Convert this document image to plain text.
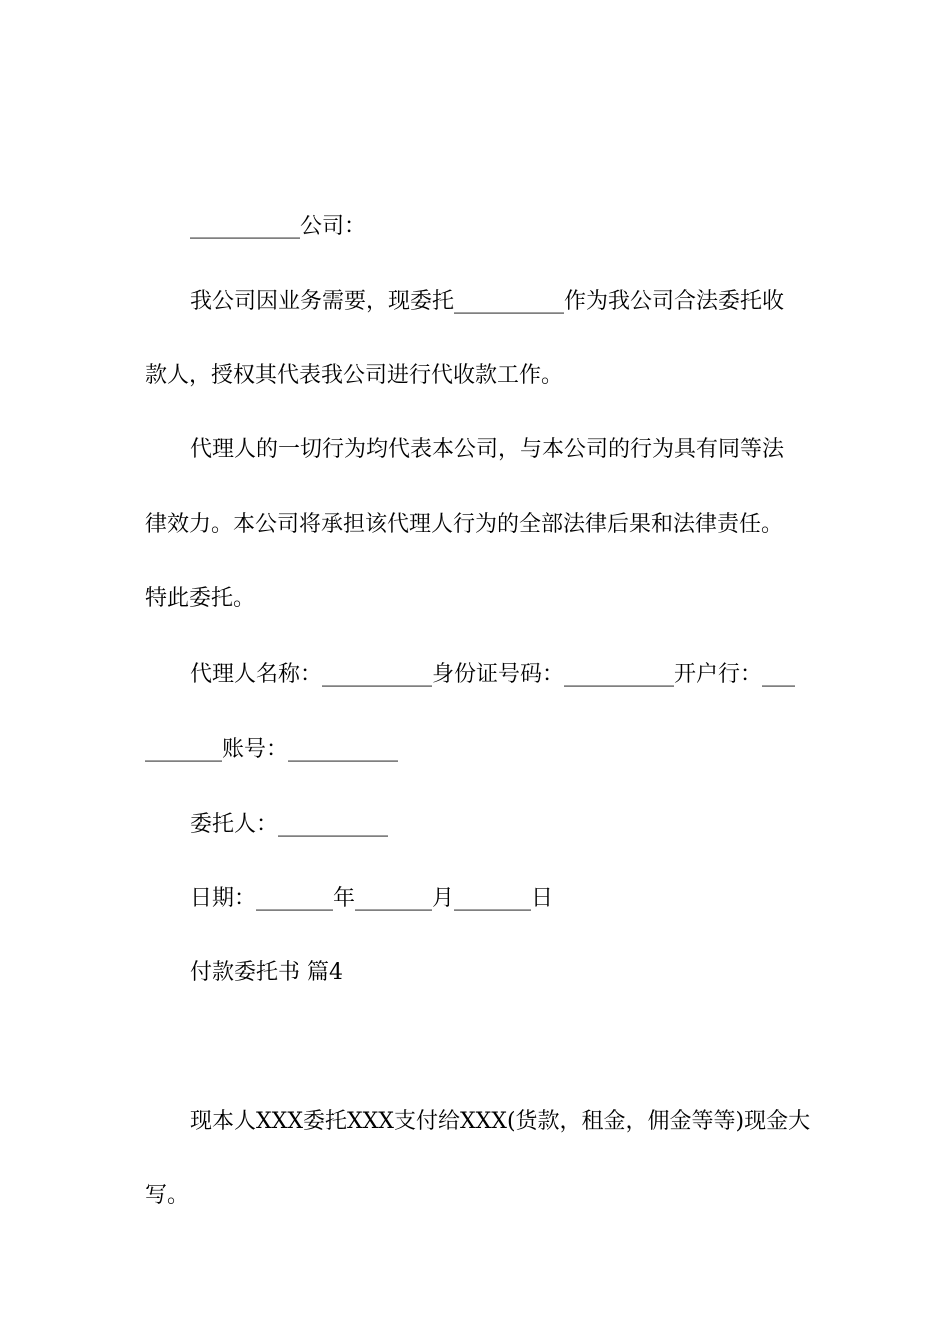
__________公司：
我公司因业务需要，现委托__________作为我公司合法委托收
款人，授权其代表我公司进行代收款工作。
代理人的一切行为均代表本公司，与本公司的行为具有同等法
律效力。本公司将承担该代理人行为的全部法律后果和法律责任。
特此委托。
代理人名称：__________身份证号码：__________开户行：___
_______账号：__________
委托人：__________
日期：_______年_______月_______日
付款委托书 篇4
现本人XXX委托XXX支付给XXX(货款，租金，佣金等等)现金大
写。
